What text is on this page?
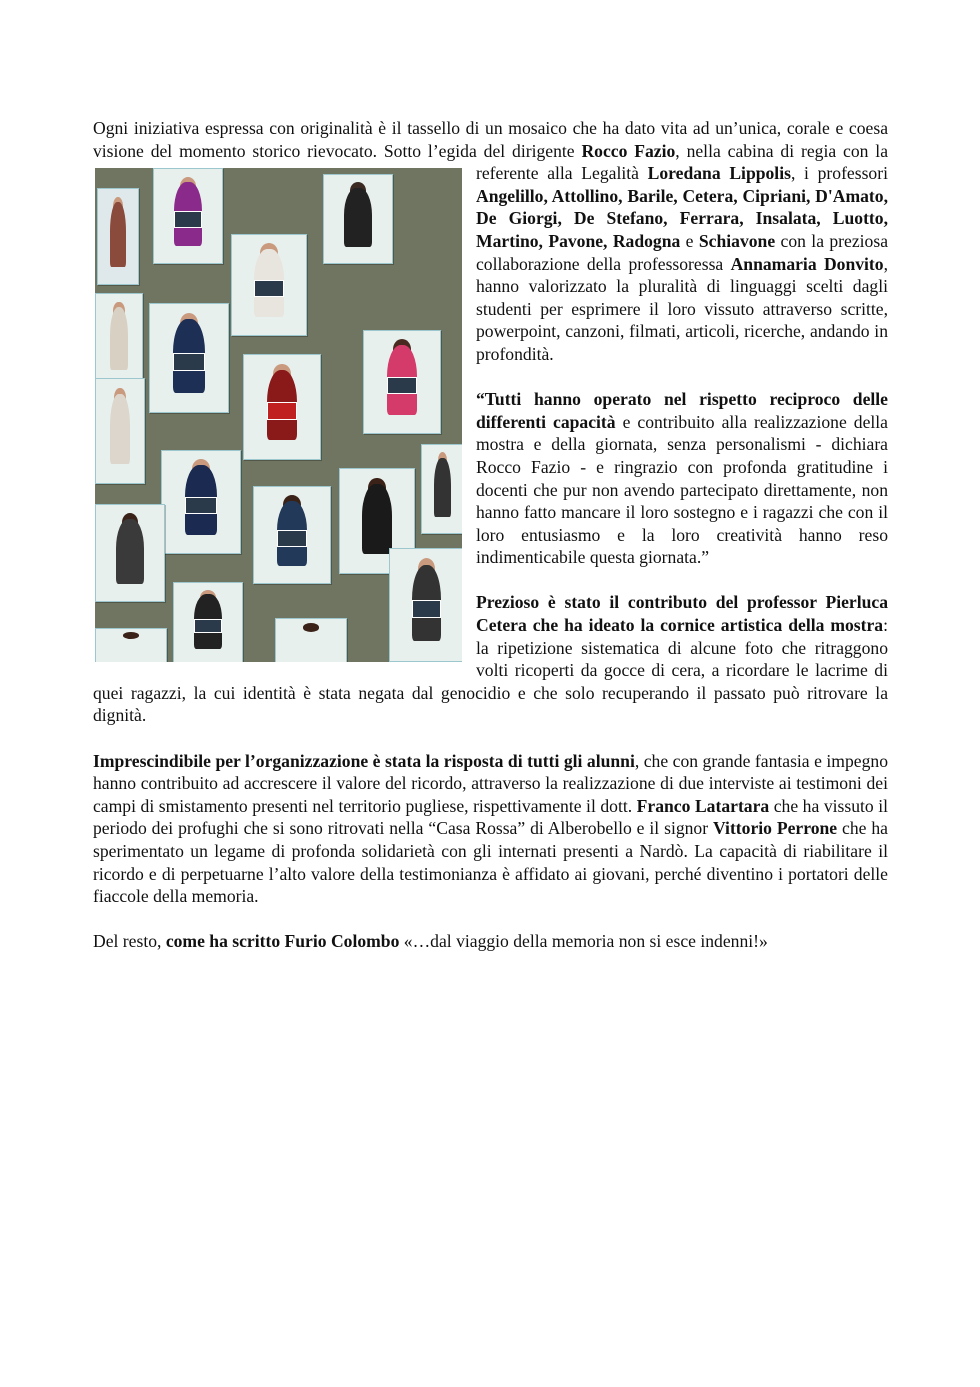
Ogni iniziativa espressa con originalità è il tassello di un mosaico che ha dato vita ad un’unica, corale e coesa visione del momento storico rievocato. Sotto l’egida del dirigente Rocco Fazio, nella cabina di regia con la referente alla Legalità Loredana Lippolis, i professori
Angelillo, Attollino, Barile, Cetera, Cipriani, D'Amato, De Giorgi, De Stefano, Ferrara, Insalata, Luotto, Martino, Pavone, Radogna e Schiavone con la preziosa collaborazione della professoressa Annamaria Donvito, hanno valorizzato la pluralità di linguaggi scelti dagli studenti per esprimere il loro vissuto attraverso scritte, powerpoint, canzoni, filmati, articoli, ricerche, andando in profondità.

“Tutti hanno operato nel rispetto reciproco delle differenti capacità e contribuito alla realizzazione della mostra e della giornata, senza personalismi - dichiara Rocco Fazio - e ringrazio con profonda gratitudine i docenti che pur non avendo partecipato direttamente, non hanno fatto mancare il loro sostegno e i ragazzi che con il loro entusiasmo e la loro creatività hanno reso indimenticabile questa giornata.”

Prezioso è stato il contributo del professor Pierluca Cetera che ha ideato la cornice artistica della mostra: la ripetizione sistematica di alcune foto che ritraggono volti ricoperti da gocce di cera, a ricordare le lacrime di quei ragazzi, la cui identità è stata negata dal genocidio e che solo recuperando il passato può ritrovare la dignità.

Imprescindibile per l’organizzazione è stata la risposta di tutti gli alunni, che con grande fantasia e impegno hanno contribuito ad accrescere il valore del ricordo, attraverso la realizzazione di due interviste ai testimoni dei campi di smistamento presenti nel territorio pugliese, rispettivamente il dott. Franco Latartara che ha vissuto il periodo dei profughi che si sono ritrovati nella “Casa Rossa” di Alberobello e il signor Vittorio Perrone che ha sperimentato un legame di profonda solidarietà con gli internati presenti a Nardò. La capacità di riabilitare il ricordo e di perpetuarne l’alto valore della testimonianza è affidato ai giovani, perché diventino i portatori delle fiaccole della memoria.

Del resto, come ha scritto Furio Colombo «…dal viaggio della memoria non si esce indenni!»
